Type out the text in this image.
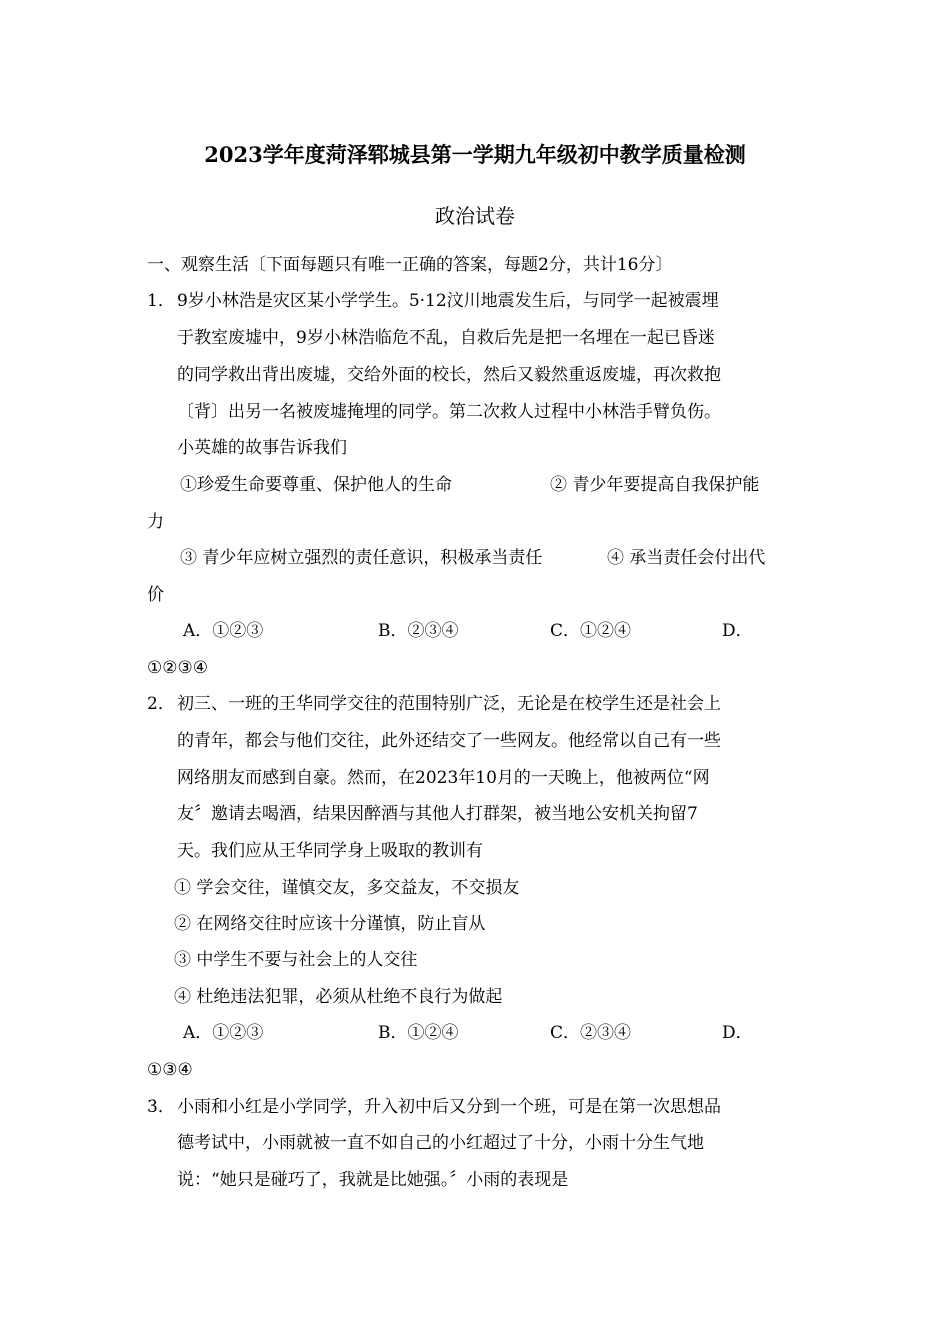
2023学年度菏泽郓城县第一学期九年级初中教学质量检测
政治试卷
一、观察生活〔下面每题只有唯一正确的答案，每题2分，共计16分〕
1． 9岁小林浩是灾区某小学学生。5·12汶川地震发生后，与同学一起被震埋
于教室废墟中，9岁小林浩临危不乱，自救后先是把一名埋在一起已昏迷
的同学救出背出废墟，交给外面的校长，然后又毅然重返废墟，再次救抱
〔背〕出另一名被废墟掩埋的同学。第二次救人过程中小林浩手臂负伤。
小英雄的故事告诉我们
①珍爱生命要尊重、保护他人的生命	② 青少年要提高自我保护能
力
③ 青少年应树立强烈的责任意识，积极承当责任	④ 承当责任会付出代
价
A．①②③	B．②③④	C．①②④	D．
①②③④
2． 初三、一班的王华同学交往的范围特别广泛，无论是在校学生还是社会上
的青年，都会与他们交往，此外还结交了一些网友。他经常以自己有一些
网络朋友而感到自豪。然而，在2023年10月的一天晚上，他被两位“网
友〞邀请去喝酒，结果因醉酒与其他人打群架，被当地公安机关拘留7
天。我们应从王华同学身上吸取的教训有
① 学会交往，谨慎交友，多交益友，不交损友
② 在网络交往时应该十分谨慎，防止盲从
③ 中学生不要与社会上的人交往
④ 杜绝违法犯罪，必须从杜绝不良行为做起
A．①②③	B．①②④	C．②③④	D．
①③④
3． 小雨和小红是小学同学，升入初中后又分到一个班，可是在第一次思想品
德考试中，小雨就被一直不如自己的小红超过了十分，小雨十分生气地
说：“她只是碰巧了，我就是比她强。〞小雨的表现是
